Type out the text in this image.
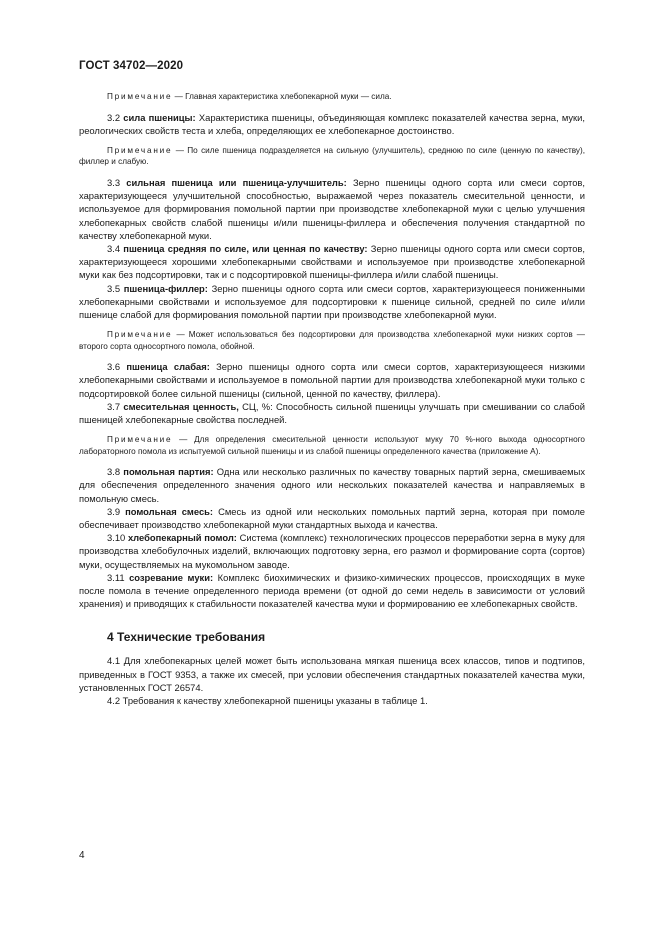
ГОСТ 34702—2020

Примечание — Главная характеристика хлебопекарной муки — сила.

3.2 сила пшеницы: Характеристика пшеницы, объединяющая комплекс показателей качества зерна, муки, реологических свойств теста и хлеба, определяющих ее хлебопекарное достоинство.

Примечание — По силе пшеница подразделяется на сильную (улучшитель), среднюю по силе (ценную по качеству), филлер и слабую.

3.3 сильная пшеница или пшеница-улучшитель: Зерно пшеницы одного сорта или смеси сортов, характеризующееся улучшительной способностью, выражаемой через показатель смесительной ценности, и используемое для формирования помольной партии при производстве хлебопекарной муки с целью улучшения хлебопекарных свойств слабой пшеницы и/или пшеницы-филлера и обеспечения получения стандартной по качеству хлебопекарной муки.

3.4 пшеница средняя по силе, или ценная по качеству: Зерно пшеницы одного сорта или смеси сортов, характеризующееся хорошими хлебопекарными свойствами и используемое при производстве хлебопекарной муки как без подсортировки, так и с подсортировкой пшеницы-филлера и/или слабой пшеницы.

3.5 пшеница-филлер: Зерно пшеницы одного сорта или смеси сортов, характеризующееся пониженными хлебопекарными свойствами и используемое для подсортировки к пшенице сильной, средней по силе и/или пшенице слабой для формирования помольной партии при производстве хлебопекарной муки.

Примечание — Может использоваться без подсортировки для производства хлебопекарной муки низких сортов — второго сорта односортного помола, обойной.

3.6 пшеница слабая: Зерно пшеницы одного сорта или смеси сортов, характеризующееся низкими хлебопекарными свойствами и используемое в помольной партии для производства хлебопекарной муки только с подсортировкой более сильной пшеницы (сильной, ценной по качеству, филлера).

3.7 смесительная ценность, СЦ, %: Способность сильной пшеницы улучшать при смешивании со слабой пшеницей хлебопекарные свойства последней.

Примечание — Для определения смесительной ценности используют муку 70 %-ного выхода односортного лабораторного помола из испытуемой сильной пшеницы и из слабой пшеницы определенного качества (приложение А).

3.8 помольная партия: Одна или несколько различных по качеству товарных партий зерна, смешиваемых для обеспечения определенного значения одного или нескольких показателей качества и направляемых в помольную смесь.

3.9 помольная смесь: Смесь из одной или нескольких помольных партий зерна, которая при помоле обеспечивает производство хлебопекарной муки стандартных выхода и качества.

3.10 хлебопекарный помол: Система (комплекс) технологических процессов переработки зерна в муку для производства хлебобулочных изделий, включающих подготовку зерна, его размол и формирование сорта (сортов) муки, осуществляемых на мукомольном заводе.

3.11 созревание муки: Комплекс биохимических и физико-химических процессов, происходящих в муке после помола в течение определенного периода времени (от одной до семи недель в зависимости от условий хранения) и приводящих к стабильности показателей качества муки и формированию ее хлебопекарных свойств.

4 Технические требования

4.1 Для хлебопекарных целей может быть использована мягкая пшеница всех классов, типов и подтипов, приведенных в ГОСТ 9353, а также их смесей, при условии обеспечения стандартных показателей качества муки, установленных ГОСТ 26574.

4.2 Требования к качеству хлебопекарной пшеницы указаны в таблице 1.

4
